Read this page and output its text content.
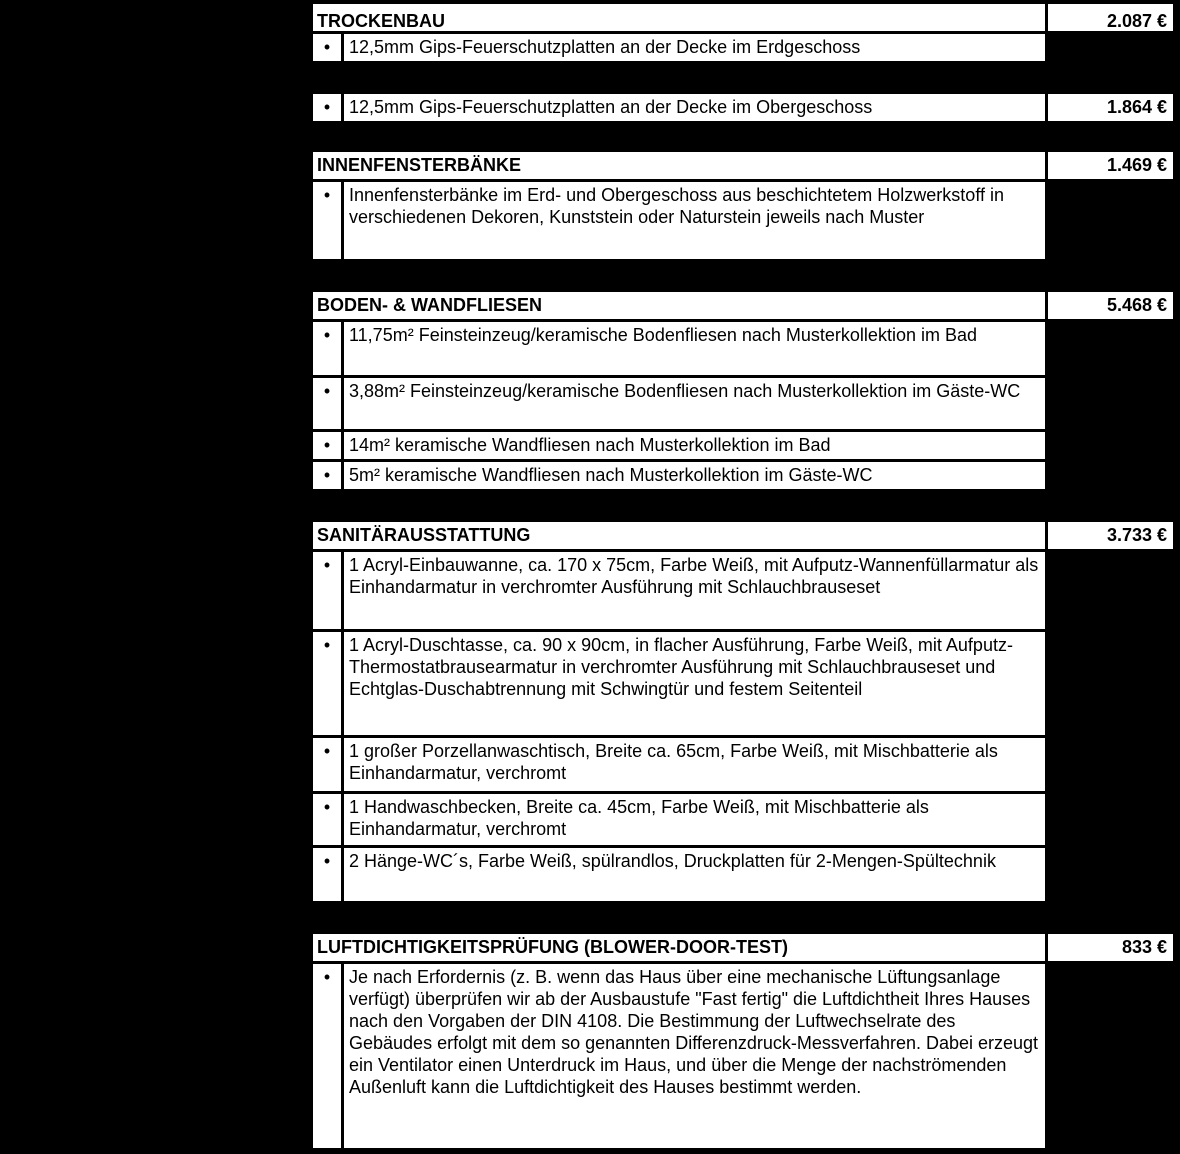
TROCKENBAU	2.087 €
•	12,5mm Gips-Feuerschutzplatten an der Decke im Erdgeschoss
•	12,5mm Gips-Feuerschutzplatten an der Decke im Obergeschoss	1.864 €
INNENFENSTERBÄNKE	1.469 €
•	Innenfensterbänke im Erd- und Obergeschoss aus beschichtetem Holzwerkstoff in verschiedenen Dekoren, Kunststein oder Naturstein jeweils nach Muster
BODEN- & WANDFLIESEN	5.468 €
•	11,75m² Feinsteinzeug/keramische Bodenfliesen nach Musterkollektion im Bad
•	3,88m² Feinsteinzeug/keramische Bodenfliesen nach Musterkollektion im Gäste-WC
•	14m² keramische Wandfliesen nach Musterkollektion im Bad
•	5m² keramische Wandfliesen nach Musterkollektion im Gäste-WC
SANITÄRAUSSTATTUNG	3.733 €
•	1 Acryl-Einbauwanne, ca. 170 x 75cm, Farbe Weiß, mit Aufputz-Wannenfüllarmatur als Einhandarmatur in verchromter Ausführung mit Schlauchbrauseset
•	1 Acryl-Duschtasse, ca. 90 x 90cm, in flacher Ausführung, Farbe Weiß, mit Aufputz-Thermostatbrausearmatur in verchromter Ausführung mit Schlauchbrauseset und Echtglas-Duschabtrennung mit Schwingtür und festem Seitenteil
•	1 großer Porzellanwaschtisch, Breite ca. 65cm, Farbe Weiß, mit Mischbatterie als Einhandarmatur, verchromt
•	1 Handwaschbecken, Breite ca. 45cm, Farbe Weiß, mit Mischbatterie als Einhandarmatur, verchromt
•	2 Hänge-WC´s, Farbe Weiß, spülrandlos, Druckplatten für 2-Mengen-Spültechnik
LUFTDICHTIGKEITSPRÜFUNG (BLOWER-DOOR-TEST)	833 €
•	Je nach Erfordernis (z. B. wenn das Haus über eine mechanische Lüftungsanlage verfügt) überprüfen wir ab der Ausbaustufe "Fast fertig" die Luftdichtheit Ihres Hauses nach den Vorgaben der DIN 4108. Die Bestimmung der Luftwechselrate des Gebäudes erfolgt mit dem so genannten Differenzdruck-Messverfahren. Dabei erzeugt ein Ventilator einen Unterdruck im Haus, und über die Menge der nachströmenden Außenluft kann die Luftdichtigkeit des Hauses bestimmt werden.
